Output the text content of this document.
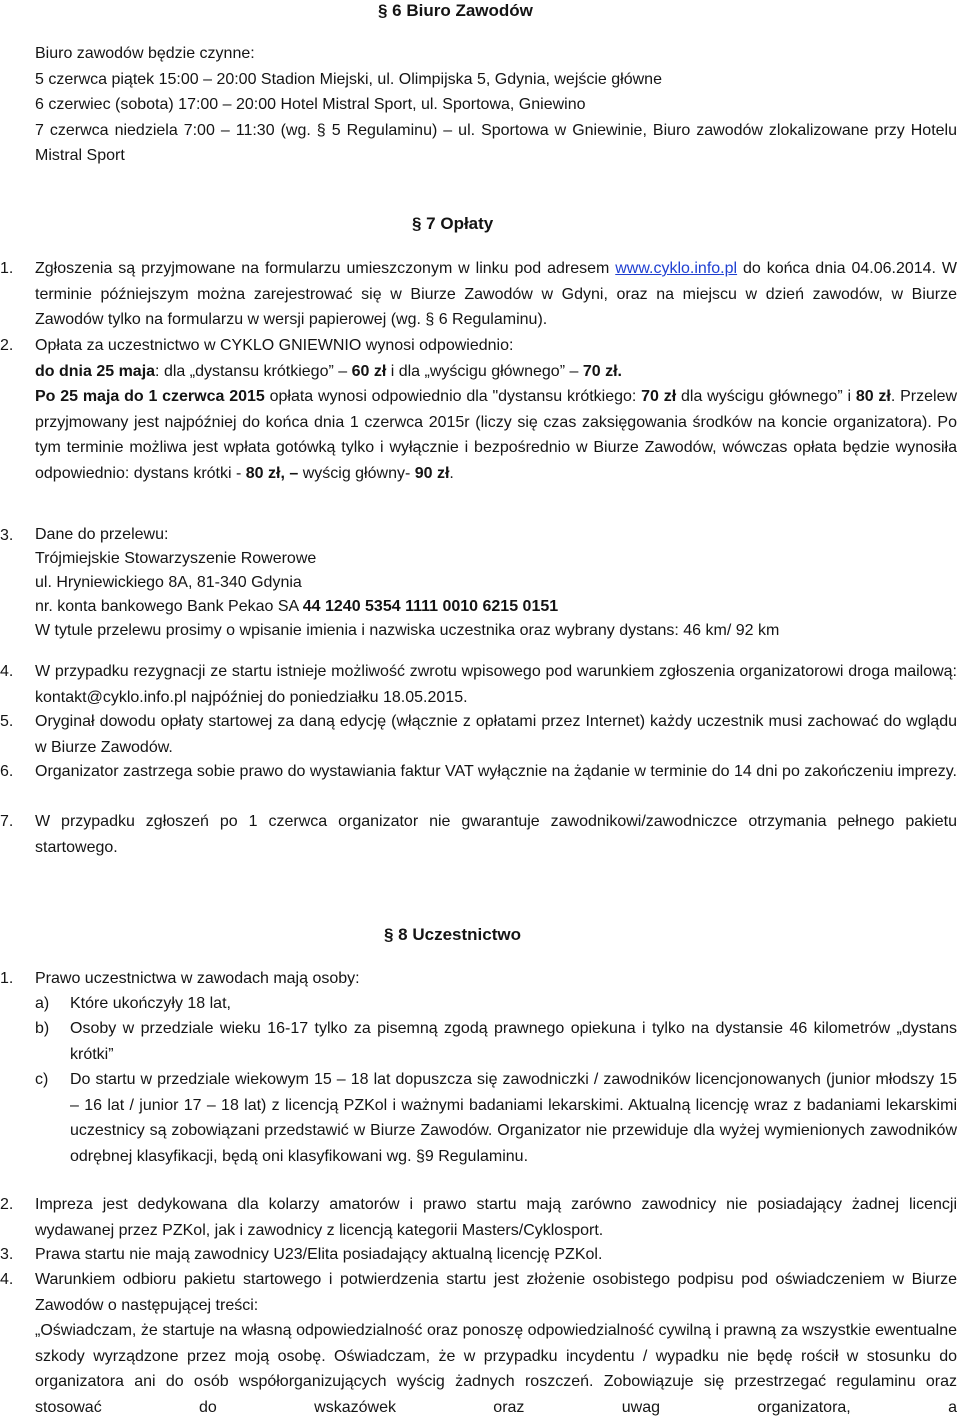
§ 6 Biuro Zawodów
Biuro zawodów będzie czynne:
5 czerwca piątek 15:00 – 20:00 Stadion Miejski, ul. Olimpijska 5, Gdynia, wejście główne
6 czerwiec (sobota) 17:00 – 20:00 Hotel Mistral Sport, ul. Sportowa, Gniewino
7 czerwca niedziela 7:00 – 11:30 (wg. § 5 Regulaminu) – ul. Sportowa w Gniewinie, Biuro zawodów zlokalizowane przy Hotelu Mistral Sport
§ 7 Opłaty
1.	Zgłoszenia są przyjmowane na formularzu umieszczonym w linku pod adresem www.cyklo.info.pl do końca dnia 04.06.2014. W terminie późniejszym można zarejestrować się w Biurze Zawodów w Gdyni, oraz na miejscu w dzień zawodów, w Biurze Zawodów tylko na formularzu w wersji papierowej (wg. § 6 Regulaminu).
2.	Opłata za uczestnictwo w CYKLO GNIEWNIO wynosi odpowiednio:
do dnia 25 maja: dla „dystansu krótkiego” – 60 zł i dla „wyścigu głównego” – 70 zł.
Po 25 maja do 1 czerwca 2015 opłata wynosi odpowiednio dla "dystansu krótkiego: 70 zł dla wyścigu głównego” i 80 zł. Przelew przyjmowany jest najpóźniej do końca dnia 1 czerwca 2015r (liczy się czas zaksięgowania środków na koncie organizatora). Po tym terminie możliwa jest wpłata gotówką tylko i wyłącznie i bezpośrednio w Biurze Zawodów, wówczas opłata będzie wynosiła odpowiednio: dystans krótki - 80 zł, – wyścig główny- 90 zł.
3.	Dane do przelewu:
Trójmiejskie Stowarzyszenie Rowerowe
ul. Hryniewickiego 8A, 81-340 Gdynia
nr. konta bankowego Bank Pekao SA 44 1240 5354 1111 0010 6215 0151
W tytule przelewu prosimy o wpisanie imienia i nazwiska uczestnika oraz wybrany dystans: 46 km/ 92 km
4.	W przypadku rezygnacji ze startu istnieje możliwość zwrotu wpisowego pod warunkiem zgłoszenia organizatorowi droga mailową: kontakt@cyklo.info.pl najpóźniej do poniedziałku 18.05.2015.
5.	Oryginał dowodu opłaty startowej za daną edycję (włącznie z opłatami przez Internet) każdy uczestnik musi zachować do wglądu w Biurze Zawodów.
6.	Organizator zastrzega sobie prawo do wystawiania faktur VAT wyłącznie na żądanie w terminie do 14 dni po zakończeniu imprezy.
7.	W przypadku zgłoszeń po 1 czerwca organizator nie gwarantuje zawodnikowi/zawodniczce otrzymania pełnego pakietu startowego.
§ 8 Uczestnictwo
1.	Prawo uczestnictwa w zawodach mają osoby:
a) Które ukończyły 18 lat,
b) Osoby w przedziale wieku 16-17 tylko za pisemną zgodą prawnego opiekuna i tylko na dystansie 46 kilometrów „dystans krótki”
c) Do startu w przedziale wiekowym 15 – 18 lat dopuszcza się zawodniczki / zawodników licencjonowanych (junior młodszy 15 – 16 lat / junior 17 – 18 lat) z licencją PZKol i ważnymi badaniami lekarskimi. Aktualną licencję wraz z badaniami lekarskimi uczestnicy są zobowiązani przedstawić w Biurze Zawodów. Organizator nie przewiduje dla wyżej wymienionych zawodników odrębnej klasyfikacji, będą oni klasyfikowani wg. §9 Regulaminu.
2.	Impreza jest dedykowana dla kolarzy amatorów i prawo startu mają zarówno zawodnicy nie posiadający żadnej licencji wydawanej przez PZKol, jak i zawodnicy z licencją kategorii Masters/Cyklosport.
3.	Prawa startu nie mają zawodnicy U23/Elita posiadający aktualną licencję PZKol.
4.	Warunkiem odbioru pakietu startowego i potwierdzenia startu jest złożenie osobistego podpisu pod oświadczeniem w Biurze Zawodów o następującej treści:
„Oświadczam, że startuje na własną odpowiedzialność oraz ponoszę odpowiedzialność cywilną i prawną za wszystkie ewentualne szkody wyrządzone przez moją osobę. Oświadczam, że w przypadku incydentu / wypadku nie będę rościł w stosunku do organizatora ani do osób współorganizujących wyścig żadnych roszczeń. Zobowiązuje się przestrzegać regulaminu oraz stosować do wskazówek oraz uwag organizatora, a
